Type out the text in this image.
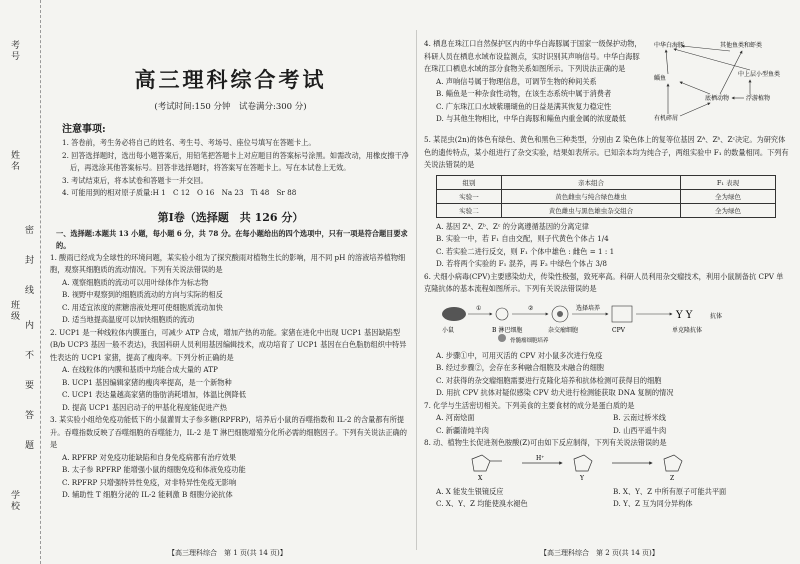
考号
姓名
班级
学校
密
封
线
内
不
要
答
题
高三理科综合考试
(考试时间:150 分钟　试卷满分:300 分)
注意事项:

1. 答卷前，考生务必将自己的姓名、考生号、考场号、座位号填写在答题卡上。

2. 回答选择题时，选出每小题答案后，用铅笔把答题卡上对应题目的答案标号涂黑。如需改动，用橡皮擦干净后，再选涂其他答案标号。回答非选择题时，将答案写在答题卡上。写在本试卷上无效。

3. 考试结束后，将本试卷和答题卡一并交回。

4. 可能用到的相对原子质量:H 1　C 12　O 16　Na 23　Ti 48　Sr 88

第Ⅰ卷（选择题　共 126 分）
一、选择题:本题共 13 小题，每小题 6 分，共 78 分。在每小题给出的四个选项中，只有一项是符合题目要求的。

1. 酸雨已经成为全球性的环境问题，某实验小组为了探究酸雨对植物生长的影响，用不同 pH 的溶液培养植物细胞，观察其细胞质的流动情况。下列有关说法错误的是

A. 观察细胞质的流动可以用叶绿体作为标志物

B. 视野中观察到的细胞质流动的方向与实际的相反

C. 用适宜浓度的蔗糖溶液处理可使细胞质流动加快

D. 适当地提高温度可以加快细胞质的流动

2. UCP1 是一种线粒体内膜蛋白，可减少 ATP 合成，增加产热的功能。家猪在进化中出现 UCP1 基因缺陷型(B/b UCP3 基因一般不表达)，我国科研人员利用基因编辑技术，成功培育了 UCP1 基因在白色脂肪组织中特异性表达的 UCP1 家猪，提高了瘦肉率。下列分析正确的是

A. 在线粒体的内膜和基质中均能合成大量的 ATP

B. UCP1 基因编辑家猪的瘦肉率提高，是一个新物种

C. UCP1 表达量越高家猪的脂肪消耗增加，体温比例降低

D. 提高 UCP1 基因启动子的甲基化程度能促进产热

3. 某实验小组给免疫功能低下的小鼠灌胃太子参多糖(RPFRP)，培养后小鼠的吞噬指数和 IL-2 的含量都有所提升。吞噬指数反映了吞噬细胞的吞噬能力，IL-2 是 T 淋巴细胞增殖分化所必需的细胞因子。下列有关说法正确的是

A. RPFRP 对免疫功能缺陷和自身免疫病都有治疗效果

B. 太子参 RPFRP 能增强小鼠的细胞免疫和体液免疫功能

C. RPFRP 只增强特异性免疫，对非特异性免疫无影响

D. 辅助性 T 细胞分泌的 IL-2 能刺激 B 细胞分泌抗体

【高三理科综合　第 1 页(共 14 页)】
中华白海豚	其他鱼类和虾类
鲻鱼
中上层小型鱼类
浮游植物
底栖动物
有机碎屑

4. 栖息在珠江口自然保护区内的中华白海豚属于国家一级保护动物，科研人员在栖息水域布设监测点，实时识别其声响信号。中华白海豚在珠江口栖息水域的部分食物关系如图所示。下列说法正确的是

A. 声响信号属于物理信息，可调节生物的种间关系

B. 鲻鱼是一种杂食性动物，在该生态系统中属于消费者

C. 广东珠江口水域紫珊瑚鱼的日益是满其恢复力稳定性

D. 与其他生物相比，中华白海豚和鲻鱼内重金属的浓度最低

5. 某昆虫(2n)的体色有绿色、黄色和黑色三种类型，分别由 Z 染色体上的复等位基因 Zᴬ、Zᵇ、Zᶜ决定。为研究体色的遗传特点，某小组进行了杂交实验，结果如表所示。已知亲本均为纯合子，两组实验中 F₁ 的数量相同。下列有关说法错误的是

组别	亲本组合	F₁ 表现
实验一	黄色雌虫与纯合绿色雄虫	全为绿色
实验二	黄色雌虫与黑色雄虫杂交组合	全为绿色

A. 基因 Zᴬ、Zᵇ、Zᶜ 的分离遵循基因的分离定律

B. 实验一中，若 F₁ 自由交配，则子代黄色个体占 1/4

C. 若实验二进行反交，则 F₁ 个体中雄色 : 雌色 = 1 : 1

D. 若将两个实验的 F₁ 混养，再 F₂ 中绿色个体占 3/8

6. 犬细小病毒(CPV)主要感染幼犬，传染性极强，致死率高。科研人员利用杂交瘤技术，利用小鼠制备抗 CPV 单克隆抗体的基本流程如图所示。下列有关说法错误的是

小鼠
①
B 淋巴细胞
骨髓瘤细胞培养
②
杂交瘤细胞
选择培养
CPV
Y Y
单克隆抗体
抗体

A. 步骤①中，可用灭活的 CPV 对小鼠多次进行免疫

B. 经过步骤②，会存在多种融合细胞及未融合的细胞

C. 对获得的杂交瘤细胞需要进行克隆化培养和抗体检测可获得目的细胞

D. 用抗 CPV 抗体对疑似感染 CPV 幼犬进行检测能获取 DNA 复制的情况

7. 化学与生活密切相关。下列美食的主要食材的成分是蛋白质的是

A. 河南烩面	B. 云南过桥米线
C. 新疆清炖羊肉	D. 山西平遥牛肉

8. 动、植物生长促进剂色胺酸(Z)可由如下反应制得，下列有关说法错误的是

X
H⁺
Y	Z
A. X 能发生银镜反应	B. X、Y、Z 中所有原子可能共平面
C. X、Y、Z 均能使溴水褪色	D. Y、Z 互为同分异构体
【高三理科综合　第 2 页(共 14 页)】
